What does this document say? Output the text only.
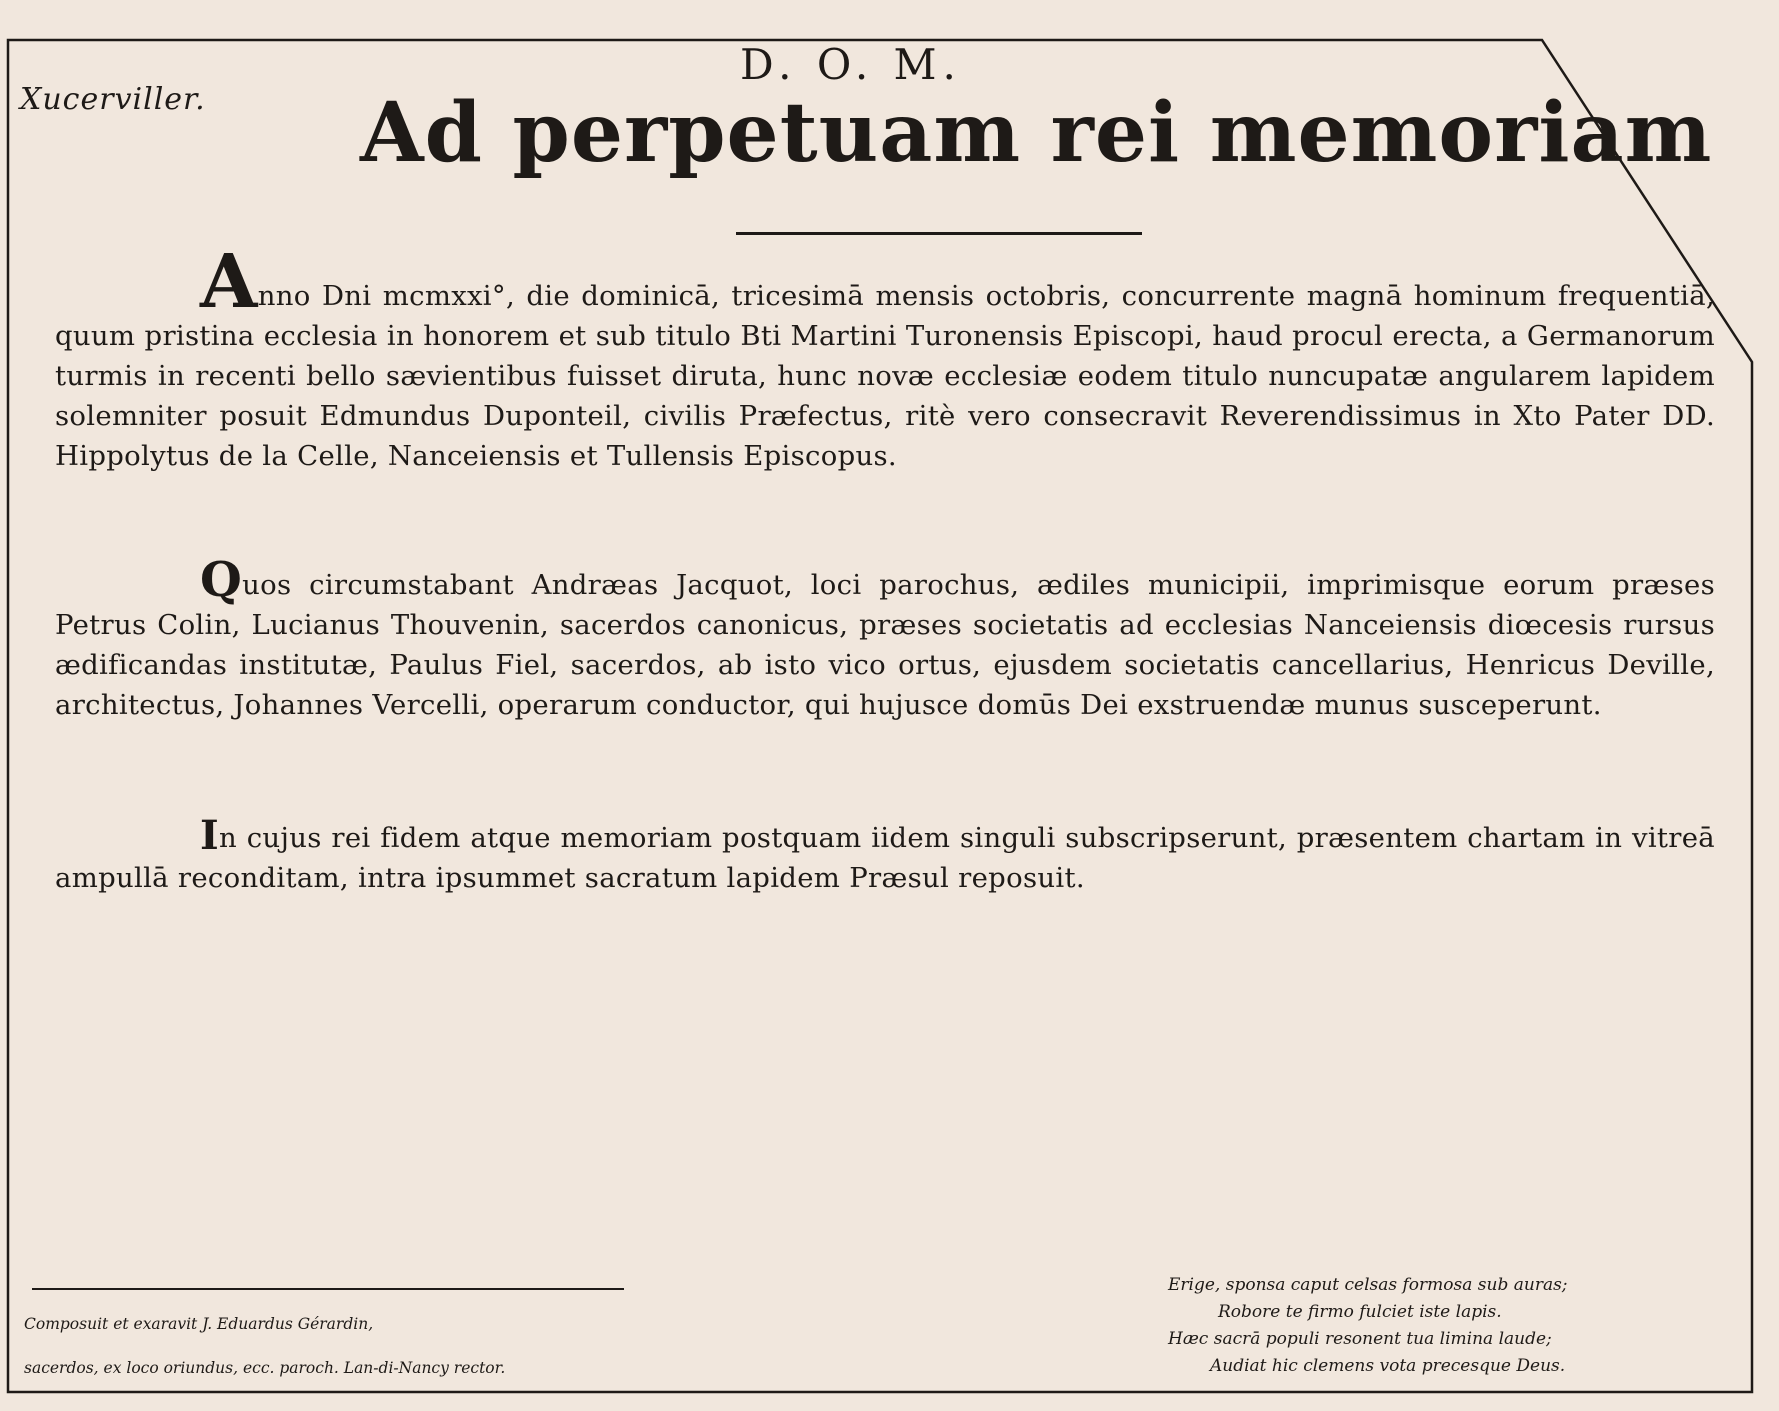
Xucerviller.
D. O. M.
Ad perpetuam rei memoriam

Anno Dni mcmxxi°, die dominicā, tricesimā mensis octobris, concurrente magnā hominum frequentiā, quum pristina ecclesia in honorem et sub titulo Bti Martini Turonensis Episcopi, haud procul erecta, a Germanorum turmis in recenti bello sævientibus fuisset diruta, hunc novæ ecclesiæ eodem titulo nuncupatæ angularem lapidem solemniter posuit Edmundus Duponteil, civilis Præfectus, ritè vero consecravit Reverendissimus in Xto Pater DD. Hippolytus de la Celle, Nanceiensis et Tullensis Episcopus.

Quos circumstabant Andræas Jacquot, loci parochus, ædiles municipii, imprimisque eorum præses Petrus Colin, Lucianus Thouvenin, sacerdos canonicus, præses societatis ad ecclesias Nanceiensis diœcesis rursus ædificandas institutæ, Paulus Fiel, sacerdos, ab isto vico ortus, ejusdem societatis cancellarius, Henricus Deville, architectus, Johannes Vercelli, operarum conductor, qui hujusce domūs Dei exstruendæ munus susceperunt.

In cujus rei fidem atque memoriam postquam iidem singuli subscripserunt, præsentem chartam in vitreā ampullā reconditam, intra ipsummet sacratum lapidem Præsul reposuit.

Composuit et exaravit J. Eduardus Gérardin,
sacerdos, ex loco oriundus, ecc. paroch. Lan-di-Nancy rector.
Erige, sponsa caput celsas formosa sub auras;
Robore te firmo fulciet iste lapis.
Hæc sacrā populi resonent tua limina laude;
Audiat hic clemens vota precesque Deus.
